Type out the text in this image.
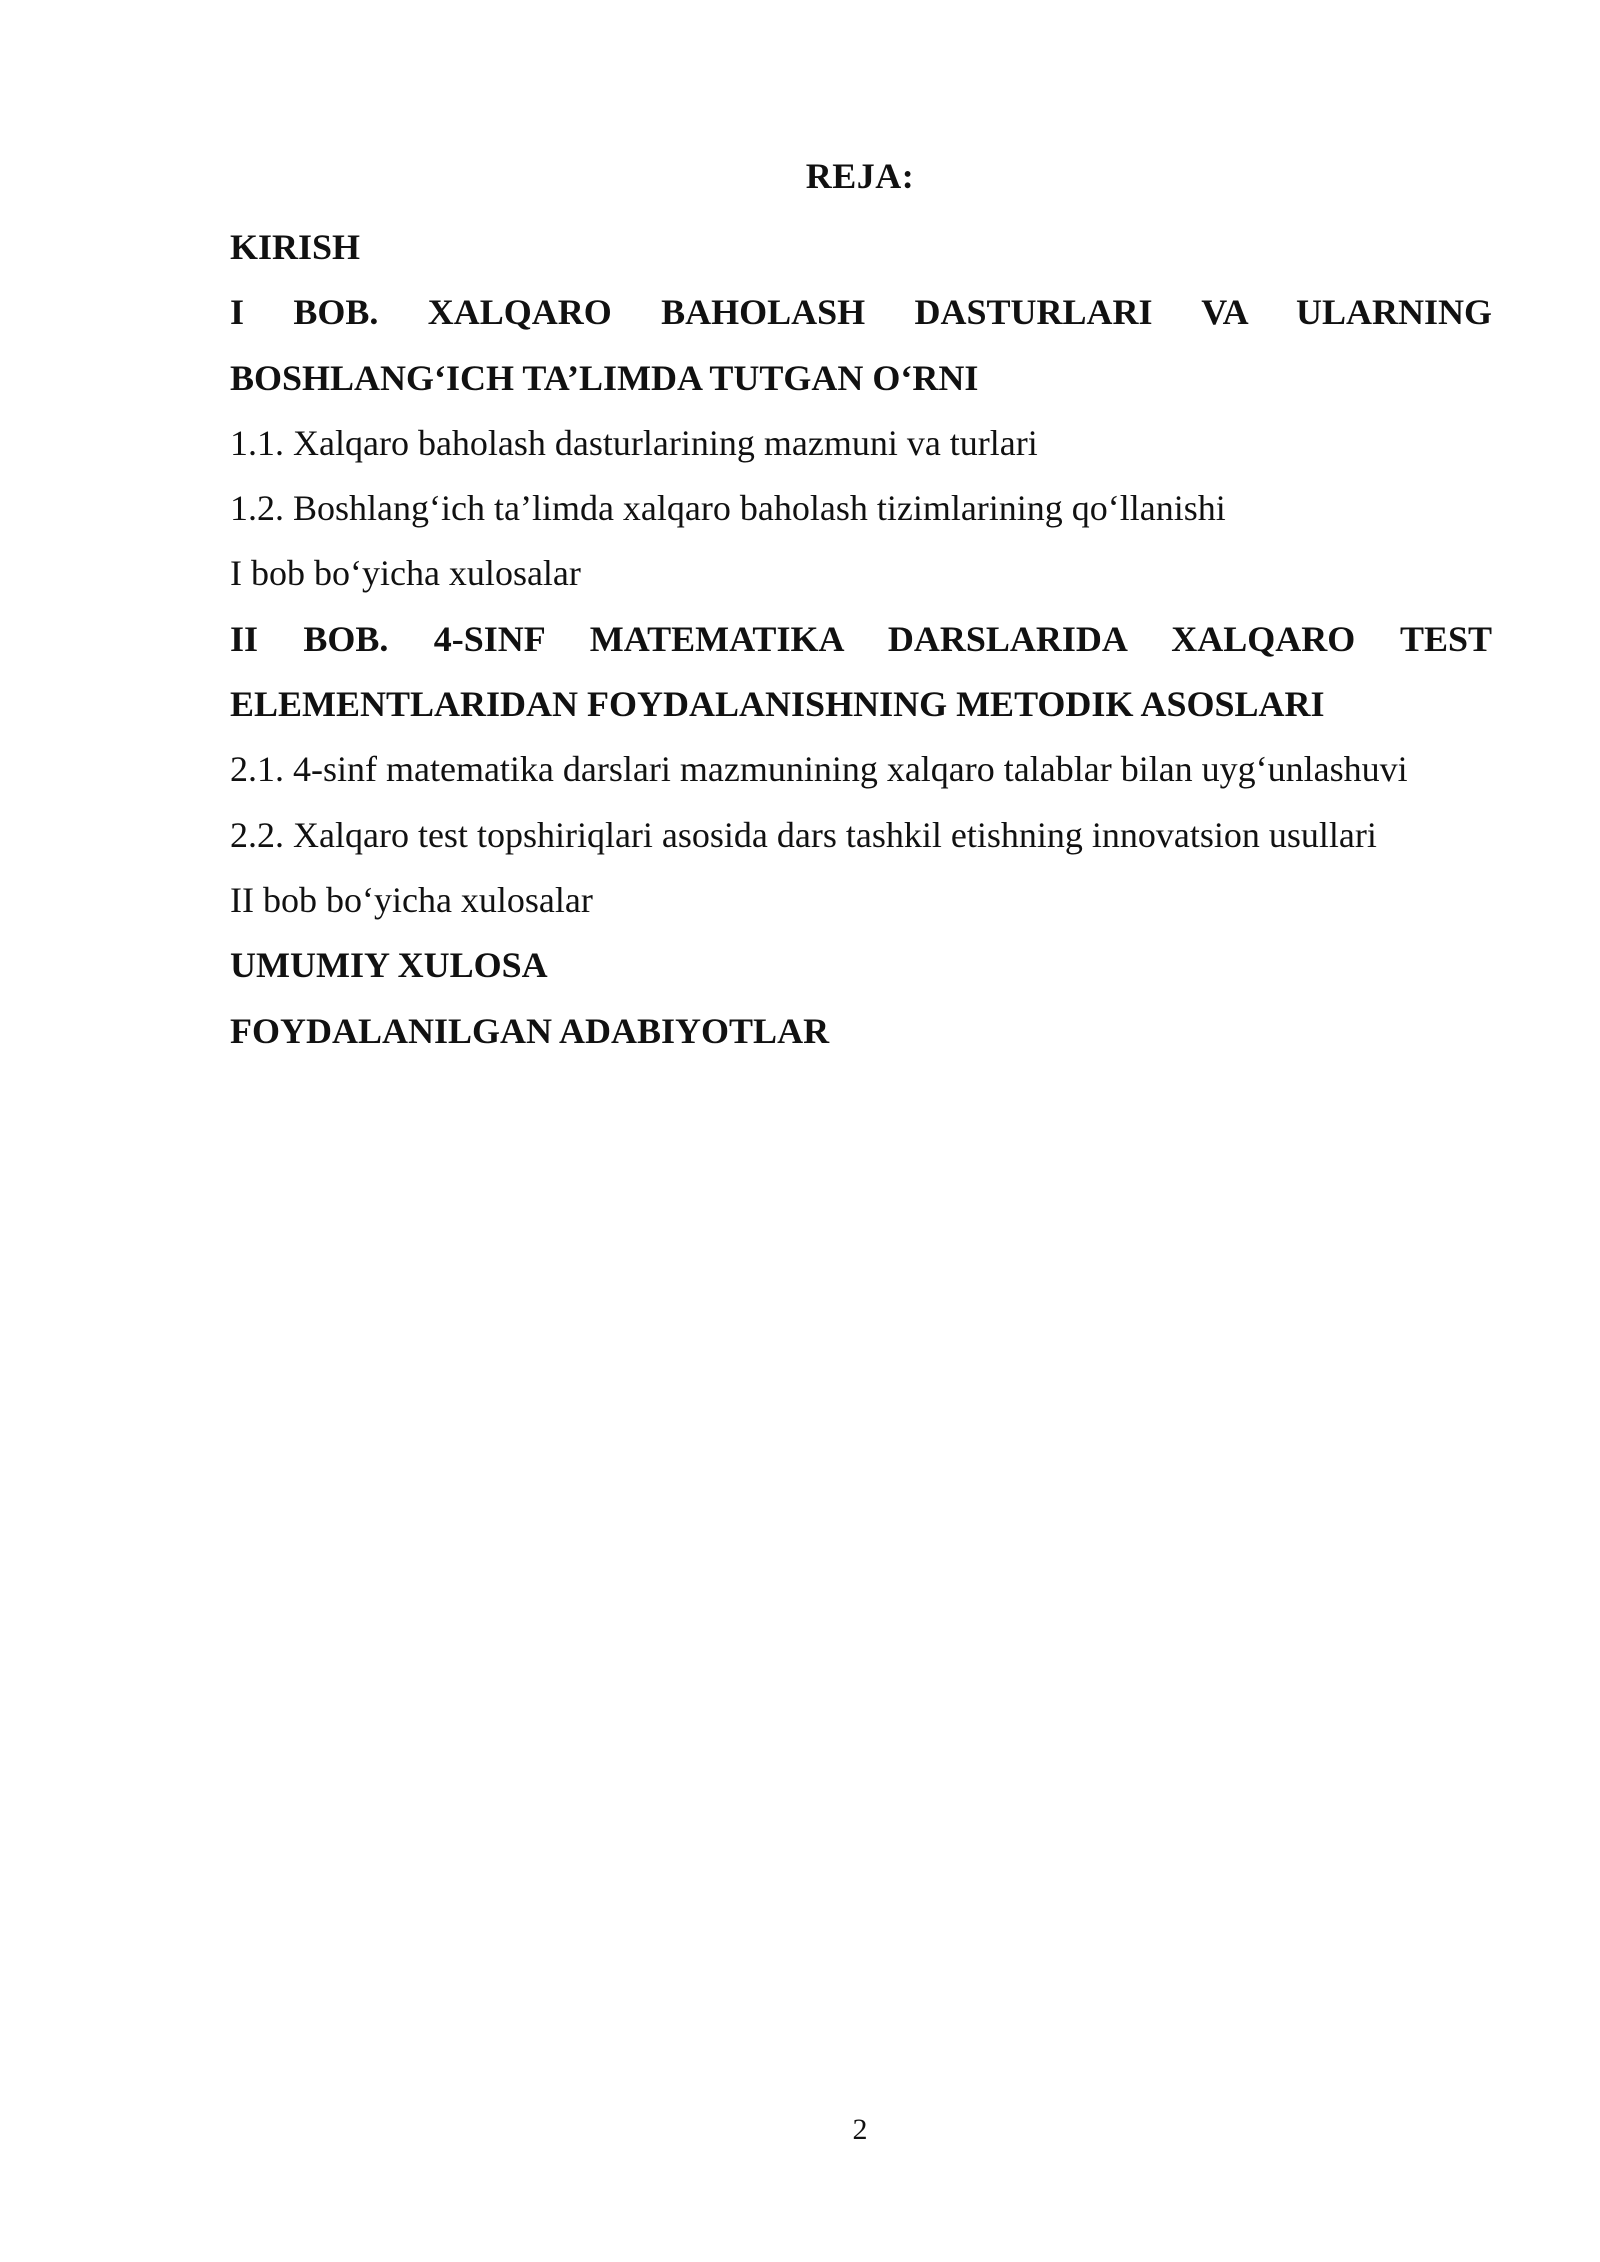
REJA:
KIRISH
I BOB. XALQARO BAHOLASH DASTURLARI VA ULARNING
BOSHLANG‘ICH TA’LIMDA TUTGAN O‘RNI
1.1. Xalqaro baholash dasturlarining mazmuni va turlari
1.2. Boshlang‘ich ta’limda xalqaro baholash tizimlarining qo‘llanishi
I bob bo‘yicha xulosalar
II BOB. 4-SINF MATEMATIKA DARSLARIDA XALQARO TEST
ELEMENTLARIDAN FOYDALANISHNING METODIK ASOSLARI
2.1. 4-sinf matematika darslari mazmunining xalqaro talablar bilan uyg‘unlashuvi
2.2. Xalqaro test topshiriqlari asosida dars tashkil etishning innovatsion usullari
II bob bo‘yicha xulosalar
UMUMIY XULOSA
FOYDALANILGAN ADABIYOTLAR
2
